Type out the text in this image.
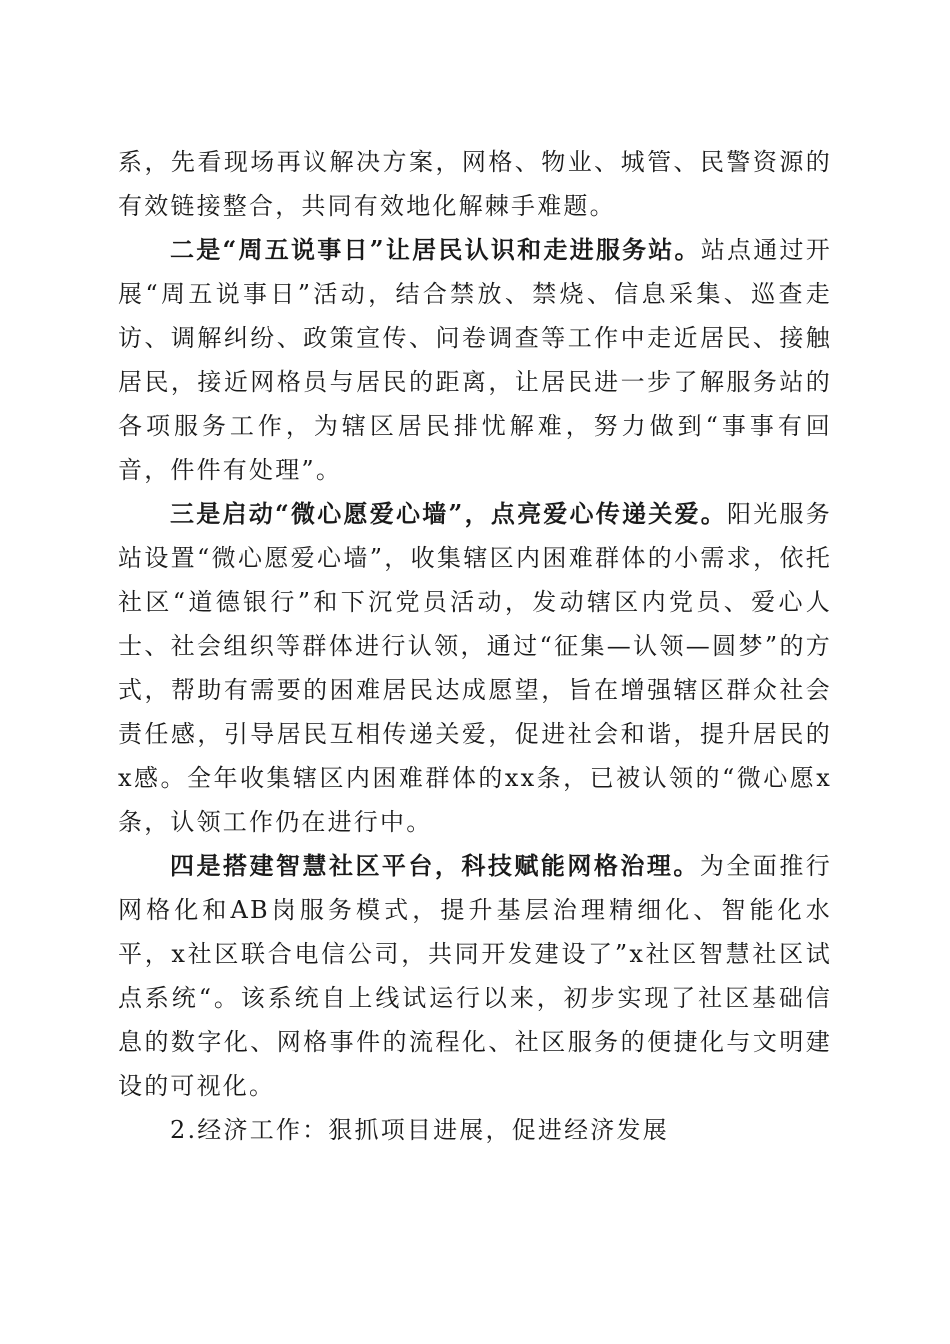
系，先看现场再议解决方案，网格、物业、城管、民警资源的有效链接整合，共同有效地化解棘手难题。

二是“周五说事日”让居民认识和走进服务站。站点通过开展“周五说事日”活动，结合禁放、禁烧、信息采集、巡查走访、调解纠纷、政策宣传、问卷调查等工作中走近居民、接触居民，接近网格员与居民的距离，让居民进一步了解服务站的各项服务工作，为辖区居民排忧解难，努力做到“事事有回音，件件有处理”。

三是启动“微心愿爱心墙”，点亮爱心传递关爱。阳光服务站设置“微心愿爱心墙”，收集辖区内困难群体的小需求，依托社区“道德银行”和下沉党员活动，发动辖区内党员、爱心人士、社会组织等群体进行认领，通过“征集—认领—圆梦”的方式，帮助有需要的困难居民达成愿望，旨在增强辖区群众社会责任感，引导居民互相传递关爱，促进社会和谐，提升居民的x感。全年收集辖区内困难群体的xx条，已被认领的“微心愿x条，认领工作仍在进行中。

四是搭建智慧社区平台，科技赋能网格治理。为全面推行网格化和AB岗服务模式，提升基层治理精细化、智能化水平，x社区联合电信公司，共同开发建设了”x社区智慧社区试点系统“。该系统自上线试运行以来，初步实现了社区基础信息的数字化、网格事件的流程化、社区服务的便捷化与文明建设的可视化。

2.经济工作：狠抓项目进展，促进经济发展
